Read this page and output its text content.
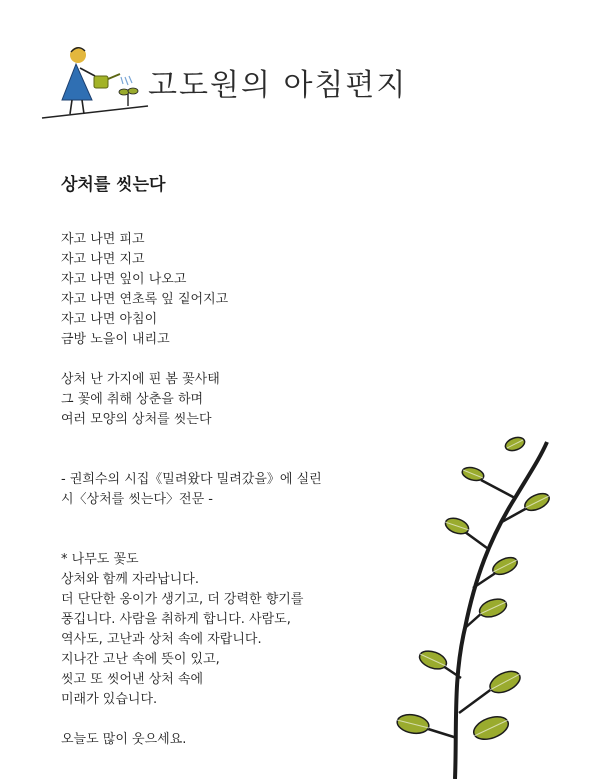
고도원의 아침편지
상처를 씻는다
자고 나면 피고
자고 나면 지고
자고 나면 잎이 나오고
자고 나면 연초록 잎 짙어지고
자고 나면 아침이
금방 노을이 내리고
상처 난 가지에 핀 봄 꽃사태
그 꽃에 취해 상춘을 하며
여러 모양의 상처를 씻는다
- 권희수의 시집《밀려왔다 밀려갔을》에 실린
시〈상처를 씻는다〉전문 -
* 나무도 꽃도
상처와 함께 자라납니다.
더 단단한 옹이가 생기고, 더 강력한 향기를
풍깁니다. 사람을 취하게 합니다. 사람도,
역사도, 고난과 상처 속에 자랍니다.
지나간 고난 속에 뜻이 있고,
씻고 또 씻어낸 상처 속에
미래가 있습니다.
오늘도 많이 웃으세요.
